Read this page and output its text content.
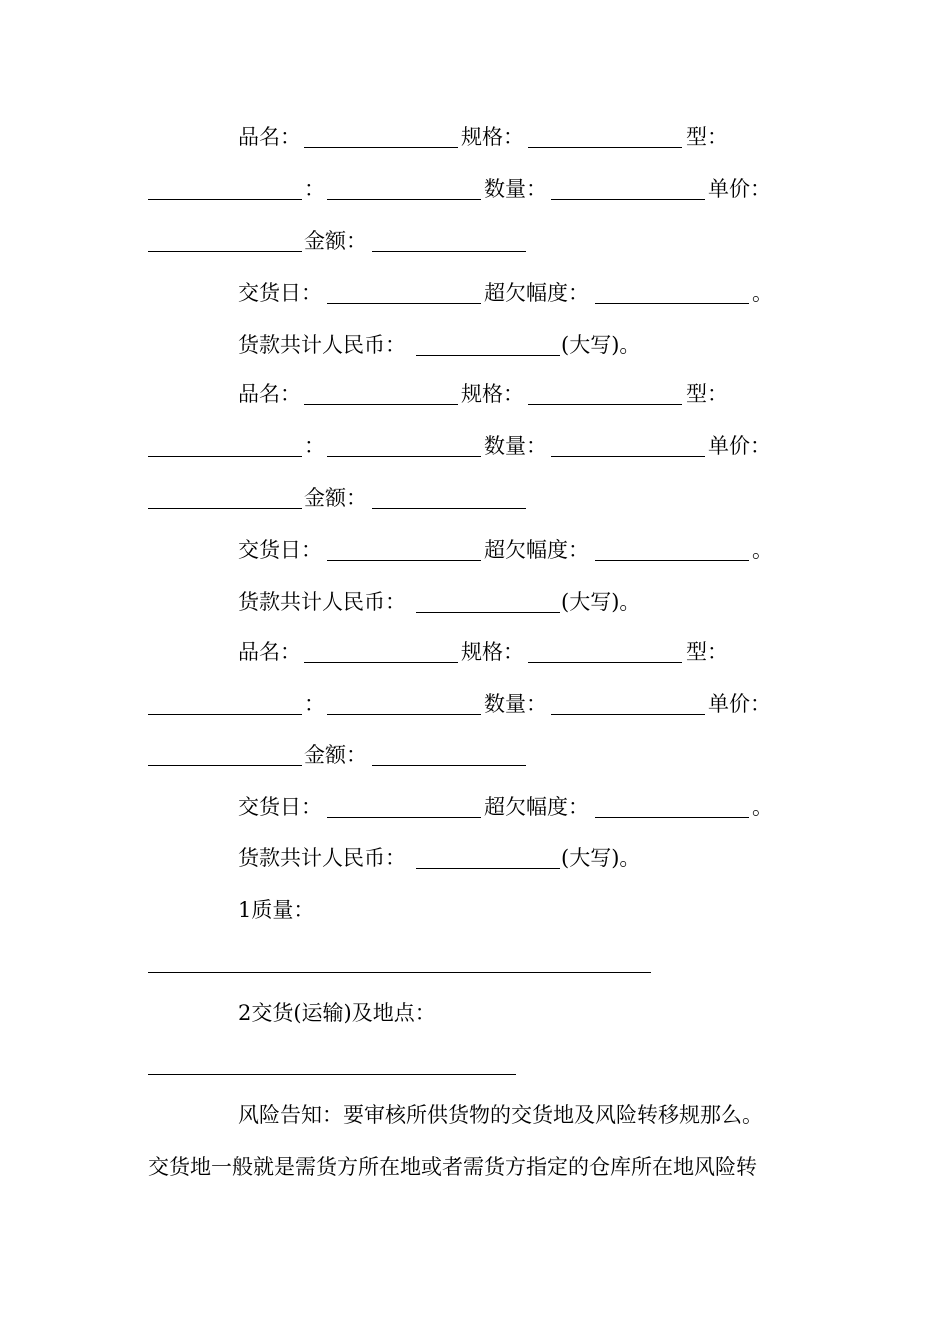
品名：	规格：	型：
：	数量：	单价：
金额：
交货日：	超欠幅度：	。
货款共计人民币：	(大写)。
品名：	规格：	型：
：	数量：	单价：
金额：
交货日：	超欠幅度：	。
货款共计人民币：	(大写)。
品名：	规格：	型：
：	数量：	单价：
金额：
交货日：	超欠幅度：	。
货款共计人民币：	(大写)。
1质量：
2交货(运输)及地点：
风险告知：要审核所供货物的交货地及风险转移规那么。
交货地一般就是需货方所在地或者需货方指定的仓库所在地风险转
